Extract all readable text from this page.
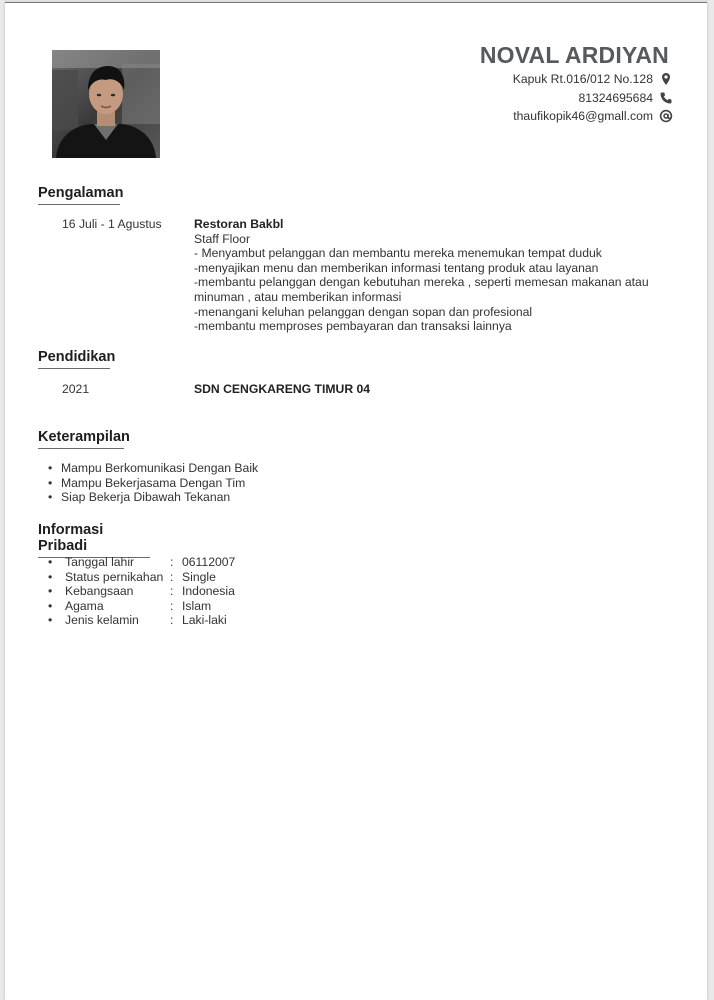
NOVAL ARDIYAN
Kapuk Rt.016/012 No.128
81324695684
thaufikopik46@gmall.com
Pengalaman
16 Juli - 1 Agustus	Restoran Bakbl
Staff Floor
- Menyambut pelanggan dan membantu mereka menemukan tempat duduk
-menyajikan menu dan memberikan informasi tentang produk atau layanan
-membantu pelanggan dengan kebutuhan mereka , seperti memesan makanan atau minuman , atau memberikan informasi
-menangani keluhan pelanggan dengan sopan dan profesional
-membantu memproses pembayaran dan transaksi lainnya
Pendidikan
2021	SDN CENGKARENG TIMUR 04
Keterampilan
• Mampu Berkomunikasi Dengan Baik
• Mampu Bekerjasama Dengan Tim
• Siap Bekerja Dibawah Tekanan
Informasi Pribadi
Tanggal lahir	: 06112007
Status pernikahan : Single
Kebangsaan	: Indonesia
Agama	: Islam
Jenis kelamin	: Laki-laki
